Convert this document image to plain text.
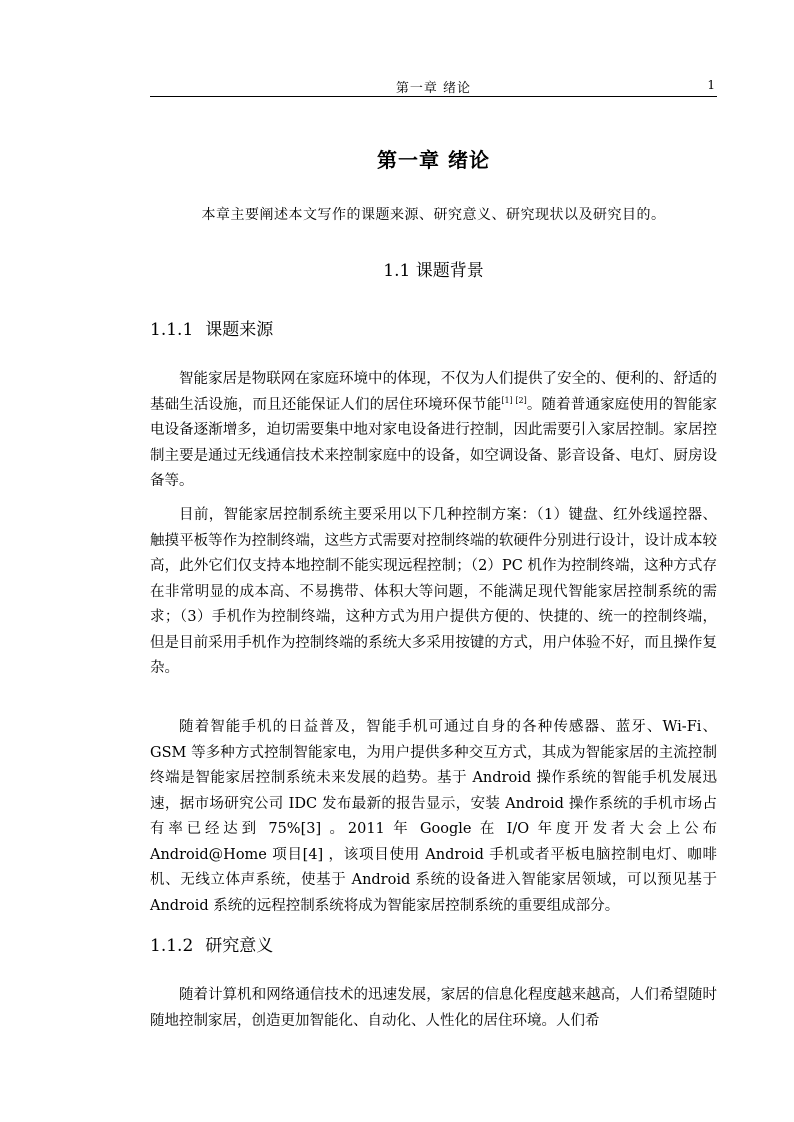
第一章 绪论	1
第一章 绪论
本章主要阐述本文写作的课题来源、研究意义、研究现状以及研究目的。
1.1 课题背景
1.1.1 课题来源

智能家居是物联网在家庭环境中的体现，不仅为人们提供了安全的、便利的、舒适的基础生活设施，而且还能保证人们的居住环境环保节能[1] [2]。随着普通家庭使用的智能家电设备逐渐增多，迫切需要集中地对家电设备进行控制，因此需要引入家居控制。家居控制主要是通过无线通信技术来控制家庭中的设备，如空调设备、影音设备、电灯、厨房设备等。

目前，智能家居控制系统主要采用以下几种控制方案：（1）键盘、红外线遥控器、触摸平板等作为控制终端，这些方式需要对控制终端的软硬件分别进行设计，设计成本较高，此外它们仅支持本地控制不能实现远程控制；（2）PC 机作为控制终端，这种方式存在非常明显的成本高、不易携带、体积大等问题，不能满足现代智能家居控制系统的需求；（3）手机作为控制终端，这种方式为用户提供方便的、快捷的、统一的控制终端，但是目前采用手机作为控制终端的系统大多采用按键的方式，用户体验不好，而且操作复杂。

随着智能手机的日益普及，智能手机可通过自身的各种传感器、蓝牙、Wi-Fi、GSM 等多种方式控制智能家电，为用户提供多种交互方式，其成为智能家居的主流控制终端是智能家居控制系统未来发展的趋势。基于 Android 操作系统的智能手机发展迅速，据市场研究公司 IDC 发布最新的报告显示，安装 Android 操作系统的手机市场占有率已经达到 75%[3] 。2011 年 Google 在 I/O 年度开发者大会上公布Android@Home 项目[4] ，该项目使用 Android 手机或者平板电脑控制电灯、咖啡机、无线立体声系统，使基于 Android 系统的设备进入智能家居领域，可以预见基于Android 系统的远程控制系统将成为智能家居控制系统的重要组成部分。

1.1.2 研究意义

随着计算机和网络通信技术的迅速发展，家居的信息化程度越来越高，人们希望随时随地控制家居，创造更加智能化、自动化、人性化的居住环境。人们希
